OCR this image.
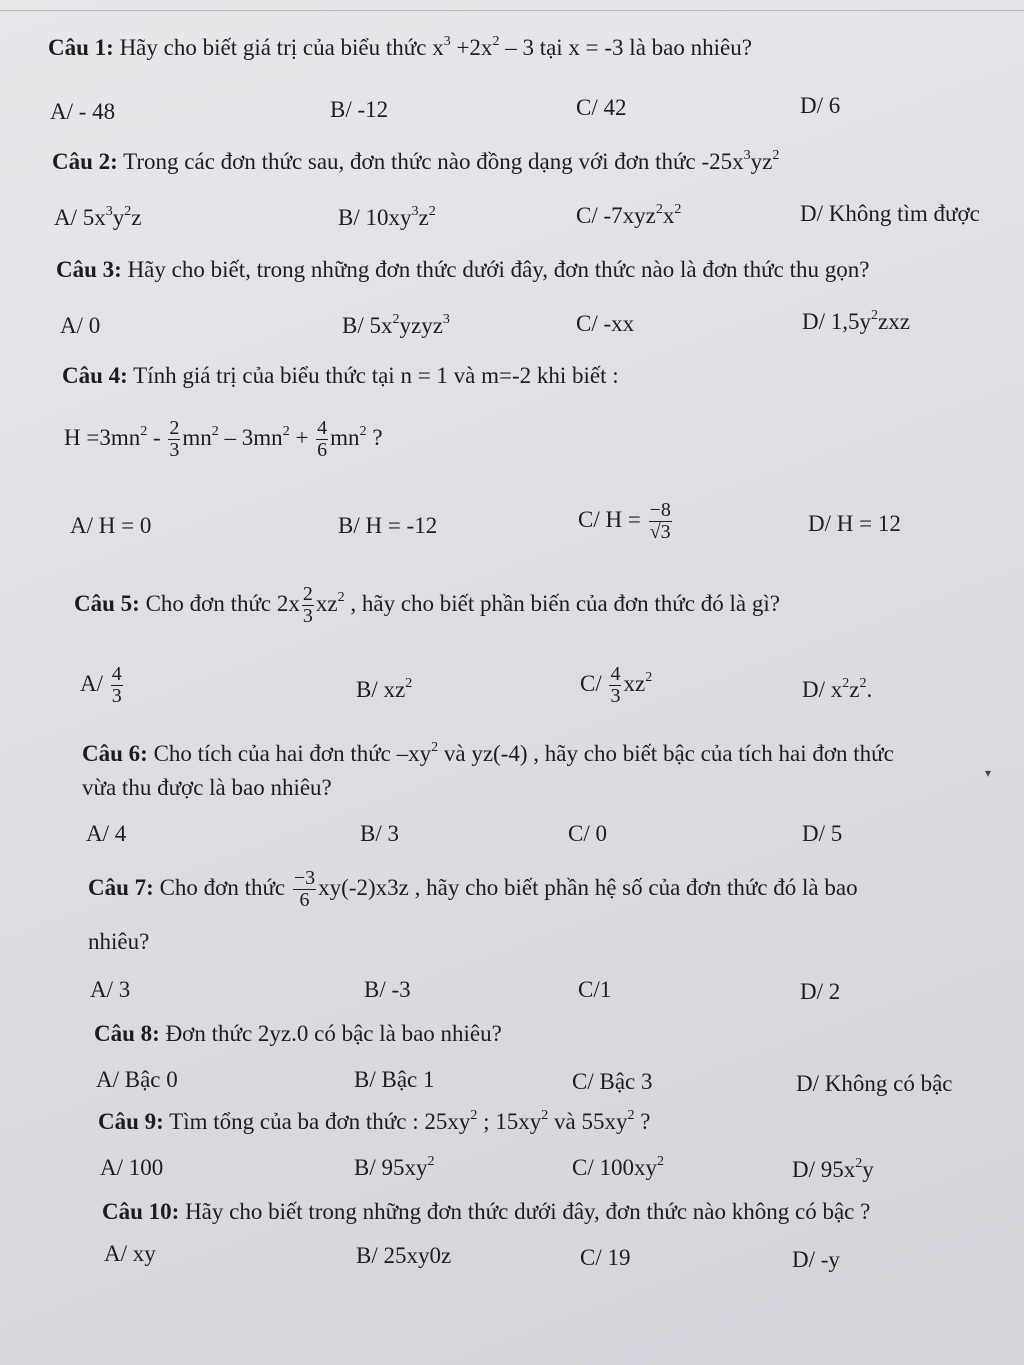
Câu 1: Hãy cho biết giá trị của biểu thức $x^3 +2x^2 - 3$ tại x = -3 là bao nhiêu?
A/ - 48	B/ -12	C/ 42	D/ 6
Câu 2: Trong các đơn thức sau, đơn thức nào đồng dạng với đơn thức $-25x^3yz^2$
A/ $5x^3y^2z$	B/ $10xy^3z^2$	C/ $-7xyz^2x^2$	D/ Không tìm được
Câu 3: Hãy cho biết, trong những đơn thức dưới đây, đơn thức nào là đơn thức thu gọn?
A/ 0	B/ $5x^2yzyz^3$	C/ -xx	D/ $1,5y^2zxz$
Câu 4: Tính giá trị của biểu thức tại n = 1 và m=-2 khi biết :
$H =3mn^2 - \frac{2}{3} mn^2 - 3mn^2 + \frac{4}{6} mn^2$ ?
A/ H = 0	B/ H = -12	C/ $H = \frac{-8}{√3}$	D/ H = 12
Câu 5: Cho đơn thức $2x \frac{2}{3} xz^2$ , hãy cho biết phần biến của đơn thức đó là gì?
$A/ \frac{4}{3}$	B/ $xz^2$	$C/ \frac{4}{3} xz^2$	D/ $x^2z^2$.
Câu 6: Cho tích của hai đơn thức $-xy^2$ và yz(-4) , hãy cho biết bậc của tích hai đơn thức
vừa thu được là bao nhiêu?
▾
A/ 4	B/ 3	C/ 0	D/ 5
Câu 7: Cho đơn thức $\frac{-3}{6} xy(-2)x3z$ , hãy cho biết phần hệ số của đơn thức đó là bao
nhiêu?
A/ 3	B/ -3	C/1	D/ 2
Câu 8: Đơn thức 2yz.0 có bậc là bao nhiêu?
A/ Bậc 0	B/ Bậc 1	C/ Bậc 3	D/ Không có bậc
Câu 9: Tìm tổng của ba đơn thức : $25xy^2$ ; $15xy^2$ và $55xy^2$ ?
A/ 100	B/ $95xy^2$	C/ $100xy^2$	D/ $95x^2y$
Câu 10: Hãy cho biết trong những đơn thức dưới đây, đơn thức nào không có bậc ?
A/ xy	B/ 25xy0z	C/ 19	D/ -y
